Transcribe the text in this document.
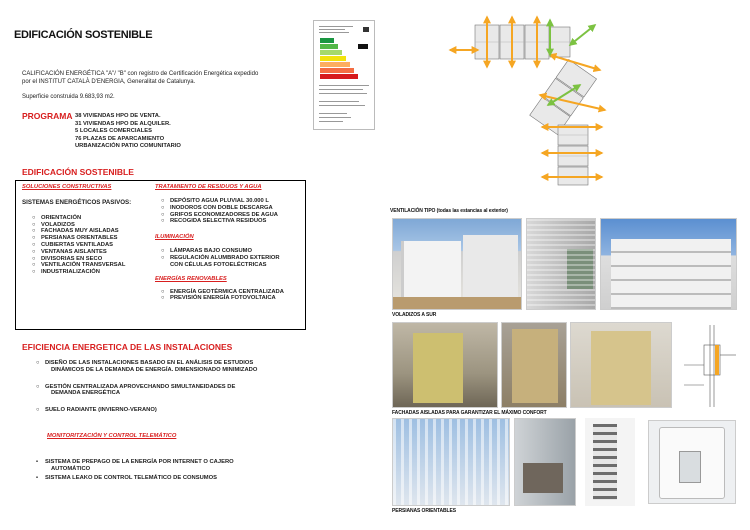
EDIFICACIÓN SOSTENIBLE
CALIFICACIÓN ENERGÉTICA "A"/ "B" con registro de Certificación Energética expedido
por el INSTITUT CATALÀ D'ENERGIA, Generalitat de Catalunya.
Superficie construida 9.683,93 m2.
PROGRAMA 38 VIVIENDAS HPO DE VENTA.
31 VIVIENDAS HPO DE ALQUILER.
5 LOCALES COMERCIALES
76 PLAZAS DE APARCAMIENTO
URBANIZACIÓN PATIO COMUNITARIO
EDIFICACIÓN SOSTENIBLE
SOLUCIONES CONSTRUCTIVAS
SISTEMAS ENERGÉTICOS PASIVOS:
○ ORIENTACIÓN
○ VOLADIZOS
○ FACHADAS MUY AISLADAS
○ PERSIANAS ORIENTABLES
○ CUBIERTAS VENTILADAS
○ VENTANAS AISLANTES
○ DIVISORIAS EN SECO
○ VENTILACIÓN TRANSVERSAL
○ INDUSTRIALIZACIÓN
TRATAMIENTO DE RESIDUOS Y AGUA
○ DEPÓSITO AGUA PLUVIAL 30.000 L
○ INODOROS CON DOBLE DESCARGA
○ GRIFOS ECONOMIZADORES DE AGUA
○ RECOGIDA SELECTIVA RESIDUOS
ILUMINACIÓN
○ LÁMPARAS BAJO CONSUMO
○ REGULACIÓN ALUMBRADO EXTERIOR
CON CÉLULAS FOTOELÉCTRICAS
ENERGÍAS RENOVABLES
○ ENERGÍA GEOTÉRMICA CENTRALIZADA
○ PREVISIÓN ENERGÍA FOTOVOLTAICA
EFICIENCIA ENERGETICA DE LAS INSTALACIONES
○ DISEÑO DE LAS INSTALACIONES BASADO EN EL ANÁLISIS DE ESTUDIOS
DINÁMICOS DE LA DEMANDA DE ENERGÍA. DIMENSIONADO MINIMIZADO
○ GESTIÓN CENTRALIZADA APROVECHANDO SIMULTANEIDADES DE
DEMANDA ENERGÉTICA
○ SUELO RADIANTE (INVIERNO-VERANO)
MONITORITZACIÓN Y CONTROL TELEMÁTICO
• SISTEMA DE PREPAGO DE LA ENERGÍA POR INTERNET O CAJERO
AUTOMÁTICO
• SISTEMA LEAKO DE CONTROL TELEMÁTICO DE CONSUMOS
VENTILACIÓN TIPO (todas las estancias al exterior)
VOLADIZOS A SUR
FACHADAS AISLADAS PARA GARANTIZAR EL MÁXIMO CONFORT
PERSIANAS ORIENTABLES
